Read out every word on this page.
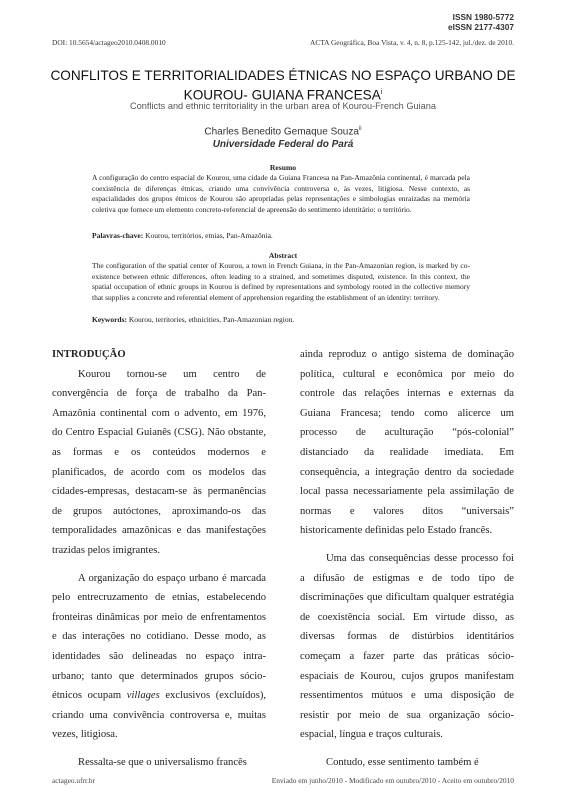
ISSN 1980-5772
eISSN 2177-4307
DOI: 10.5654/actageo2010.0408.0010	ACTA Geográfica, Boa Vista, v. 4, n. 8, p.125-142, jul./dez. de 2010.
CONFLITOS E TERRITORIALIDADES ÉTNICAS NO ESPAÇO URBANO DE
KOUROU- GUIANA FRANCESA$^i$
Conflicts and ethnic territoriality in the urban area of Kourou-French Guiana
Charles Benedito Gemaque Souza$^{ii}$
Universidade Federal do Pará
Resumo
A configuração do centro espacial de Kourou, uma cidade da Guiana Francesa na Pan-Amazônia continental, é marcada pela coexistência de diferenças étnicas, criando uma convivência controversa e, às vezes, litigiosa. Nesse contexto, as espacialidades dos grupos étnicos de Kourou são apropriadas pelas representações e simbologias enraizadas na memória coletiva que fornece um elemento concreto-referencial de apreensão do sentimento identitário: o território.
Palavras-chave: Kourou, territórios, etnias, Pan-Amazônia.
Abstract
The configuration of the spatial center of Kourou, a town in French Guiana, in the Pan-Amazonian region, is marked by co-existence between ethnic differences, often leading to a strained, and sometimes disputed, existence. In this context, the spatial occupation of ethnic groups in Kourou is defined by representations and symbology rooted in the collective memory that supplies a concrete and referential element of apprehension regarding the establishment of an identity: territory.
Keywords: Kourou, territories, ethnicities, Pan-Amazonian region.

INTRODUÇÃO

Kourou tornou-se um centro de convergência de força de trabalho da Pan-Amazônia continental com o advento, em 1976, do Centro Espacial Guianês (CSG). Não obstante, as formas e os conteúdos modernos e planificados, de acordo com os modelos das cidades-empresas, destacam-se às permanências de grupos autóctones, aproximando-os das temporalidades amazônicas e das manifestações trazidas pelos imigrantes.

A organização do espaço urbano é marcada pelo entrecruzamento de etnias, estabelecendo fronteiras dinâmicas por meio de enfrentamentos e das interações no cotidiano. Desse modo, as identidades são delineadas no espaço intra-urbano; tanto que determinados grupos sócio-étnicos ocupam villages exclusivos (excluídos), criando uma convivência controversa e, muitas vezes, litigiosa.

Ressalta-se que o universalismo francês

ainda reproduz o antigo sistema de dominação política, cultural e econômica por meio do controle das relações internas e externas da Guiana Francesa; tendo como alicerce um processo de aculturação “pós-colonial” distanciado da realidade imediata. Em consequência, a integração dentro da sociedade local passa necessariamente pela assimilação de normas e valores ditos “universais” historicamente definidas pelo Estado francês.

Uma das consequências desse processo foi a difusão de estigmas e de todo tipo de discriminações que dificultam qualquer estratégia de coexistência social. Em virtude disso, as diversas formas de distúrbios identitários começam a fazer parte das práticas sócio-espaciais de Kourou, cujos grupos manifestam ressentimentos mútuos e uma disposição de resistir por meio de sua organização sócio-espacial, língua e traços culturais.

Contudo, esse sentimento também é

actageo.ufrr.br	Enviado em junho/2010 - Modificado em outubro/2010 - Aceito em outubro/2010
